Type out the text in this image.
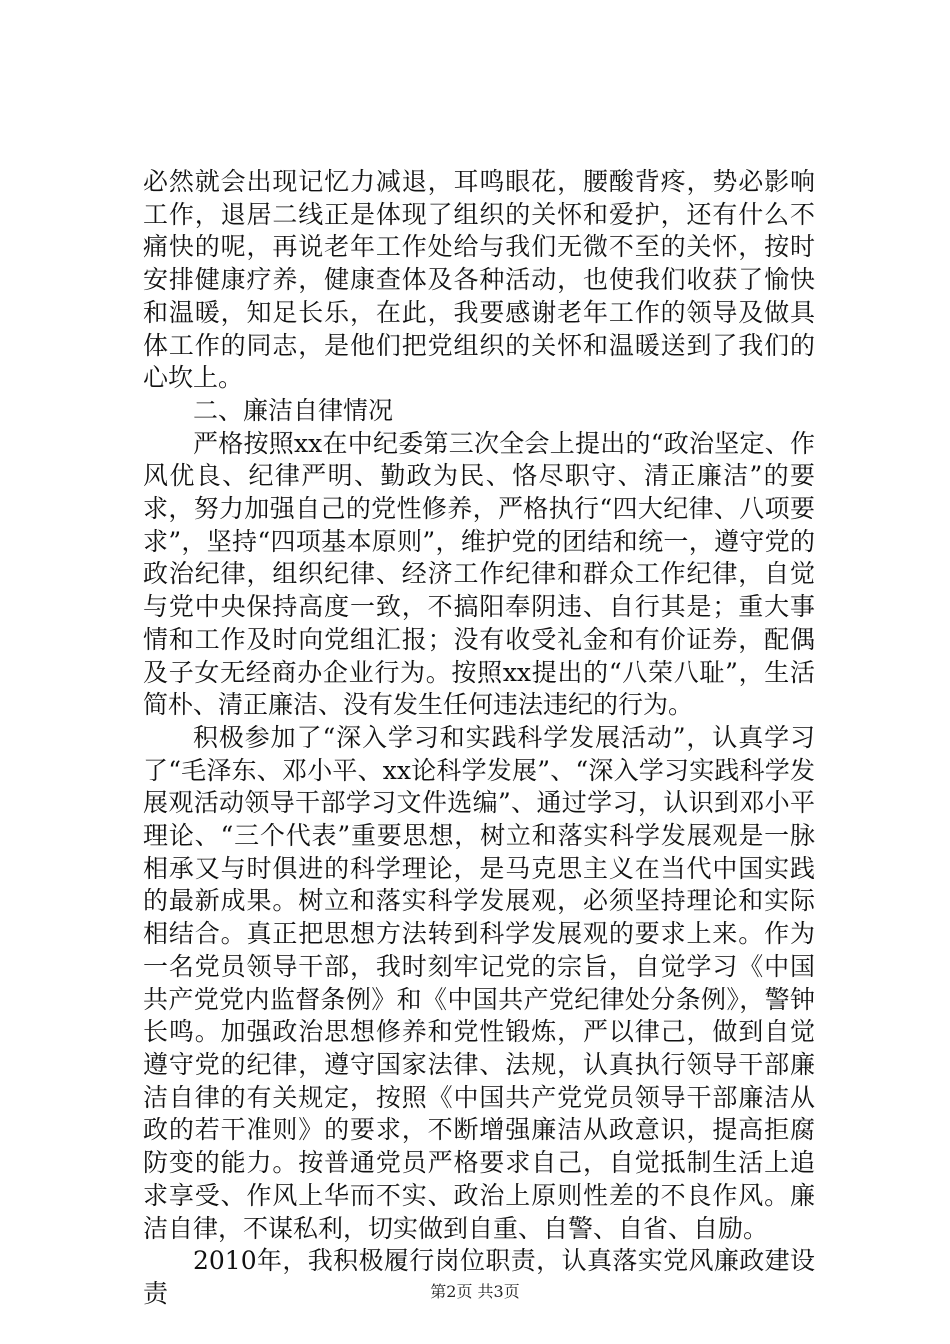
必然就会出现记忆力减退，耳鸣眼花，腰酸背疼，势必影响工作，退居二线正是体现了组织的关怀和爱护，还有什么不痛快的呢，再说老年工作处给与我们无微不至的关怀，按时安排健康疗养，健康查体及各种活动，也使我们收获了愉快和温暖，知足长乐，在此，我要感谢老年工作的领导及做具体工作的同志，是他们把党组织的关怀和温暖送到了我们的心坎上。

二、廉洁自律情况

严格按照xx在中纪委第三次全会上提出的“政治坚定、作风优良、纪律严明、勤政为民、恪尽职守、清正廉洁”的要求，努力加强自己的党性修养，严格执行“四大纪律、八项要求”，坚持“四项基本原则”，维护党的团结和统一，遵守党的政治纪律，组织纪律、经济工作纪律和群众工作纪律，自觉与党中央保持高度一致，不搞阳奉阴违、自行其是；重大事情和工作及时向党组汇报；没有收受礼金和有价证券，配偶及子女无经商办企业行为。按照xx提出的“八荣八耻”，生活简朴、清正廉洁、没有发生任何违法违纪的行为。

积极参加了“深入学习和实践科学发展活动”，认真学习了“毛泽东、邓小平、xx论科学发展”、“深入学习实践科学发展观活动领导干部学习文件选编”、通过学习，认识到邓小平理论、“三个代表”重要思想，树立和落实科学发展观是一脉相承又与时俱进的科学理论，是马克思主义在当代中国实践的最新成果。树立和落实科学发展观，必须坚持理论和实际相结合。真正把思想方法转到科学发展观的要求上来。作为一名党员领导干部，我时刻牢记党的宗旨，自觉学习《中国共产党党内监督条例》和《中国共产党纪律处分条例》，警钟长鸣。加强政治思想修养和党性锻炼，严以律己，做到自觉遵守党的纪律，遵守国家法律、法规，认真执行领导干部廉洁自律的有关规定，按照《中国共产党党员领导干部廉洁从政的若干准则》的要求，不断增强廉洁从政意识，提高拒腐防变的能力。按普通党员严格要求自己，自觉抵制生活上追求享受、作风上华而不实、政治上原则性差的不良作风。廉洁自律，不谋私利，切实做到自重、自警、自省、自励。

2010年，我积极履行岗位职责，认真落实党风廉政建设责	第2页 共3页
